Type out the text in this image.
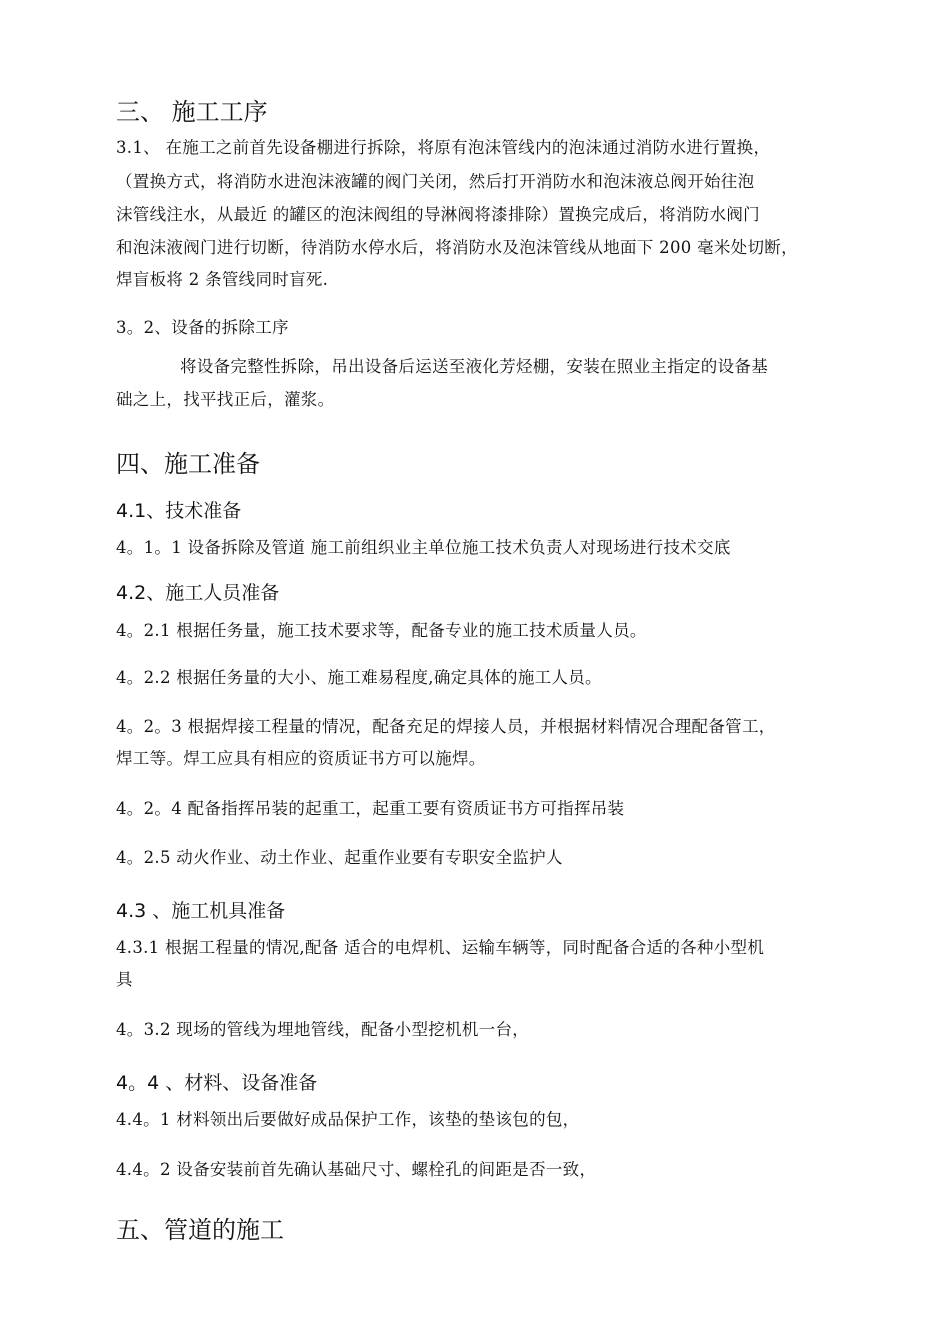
三、 施工工序

3.1、 在施工之前首先设备棚进行拆除，将原有泡沫管线内的泡沫通过消防水进行置换，

（置换方式，将消防水进泡沫液罐的阀门关闭，然后打开消防水和泡沫液总阀开始往泡

沫管线注水，从最近 的罐区的泡沫阀组的导淋阀将漆排除）置换完成后，将消防水阀门

和泡沫液阀门进行切断，待消防水停水后，将消防水及泡沫管线从地面下 200 毫米处切断，

焊盲板将 2 条管线同时盲死.

3。2、设备的拆除工序

将设备完整性拆除，吊出设备后运送至液化芳烃棚，安装在照业主指定的设备基

础之上，找平找正后，灌浆。

四、施工准备

4.1、技术准备

4。1。1 设备拆除及管道 施工前组织业主单位施工技术负责人对现场进行技术交底

4.2、施工人员准备

4。2.1 根据任务量，施工技术要求等，配备专业的施工技术质量人员。

4。2.2 根据任务量的大小、施工难易程度,确定具体的施工人员。

4。2。3 根据焊接工程量的情况，配备充足的焊接人员，并根据材料情况合理配备管工，

焊工等。焊工应具有相应的资质证书方可以施焊。

4。2。4 配备指挥吊装的起重工，起重工要有资质证书方可指挥吊装

4。2.5 动火作业、动土作业、起重作业要有专职安全监护人

4.3 、施工机具准备

4.3.1 根据工程量的情况,配备 适合的电焊机、运输车辆等，同时配备合适的各种小型机

具

4。3.2 现场的管线为埋地管线，配备小型挖机机一台，

4。4 、材料、设备准备

4.4。1 材料领出后要做好成品保护工作，该垫的垫该包的包，

4.4。2 设备安装前首先确认基础尺寸、螺栓孔的间距是否一致，

五、管道的施工
